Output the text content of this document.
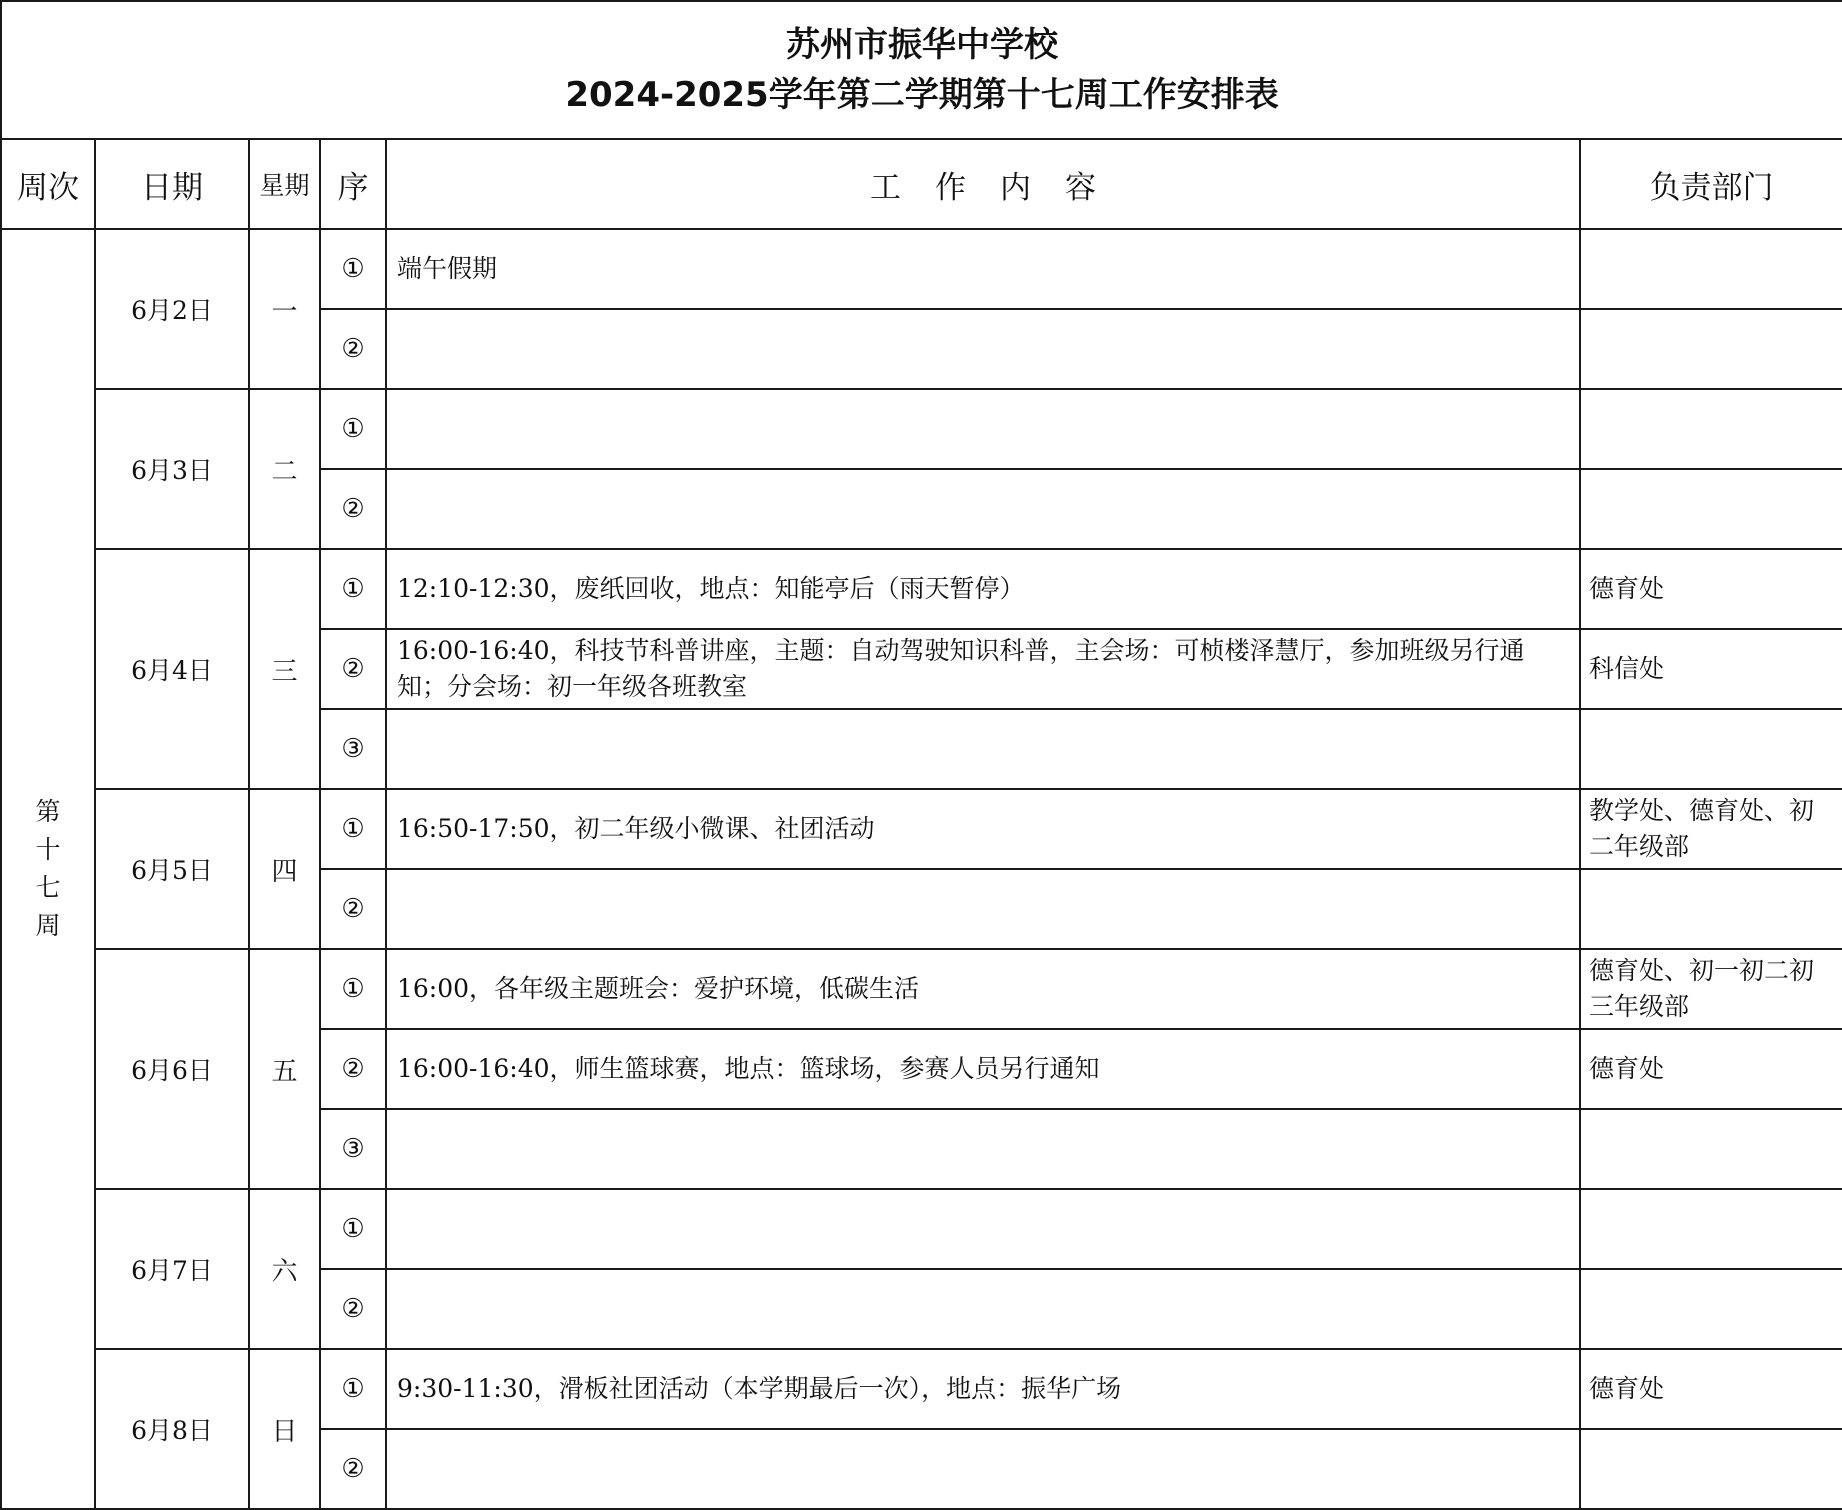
苏州市振华中学校
2024-2025学年第二学期第十七周工作安排表					

周次	日期	星期	序	工作内容	负责部门

第
十
七
周	6月2日	一	①	端午假期	
			②		
	6月3日	二	①		
			②		
	6月4日	三	①	12:10-12:30，废纸回收，地点：知能亭后（雨天暂停）	德育处
			②	16:00-16:40，科技节科普讲座，主题：自动驾驶知识科普，主会场：可桢楼泽慧厅，参加班级另行通知；分会场：初一年级各班教室	科信处
			③		
	6月5日	四	①	16:50-17:50，初二年级小微课、社团活动	教学处、德育处、初二年级部
			②		
	6月6日	五	①	16:00，各年级主题班会：爱护环境，低碳生活	德育处、初一初二初三年级部
			②	16:00-16:40，师生篮球赛，地点：篮球场，参赛人员另行通知	德育处
			③		
	6月7日	六	①		
			②		
	6月8日	日	①	9:30-11:30，滑板社团活动（本学期最后一次），地点：振华广场	德育处
			②		
